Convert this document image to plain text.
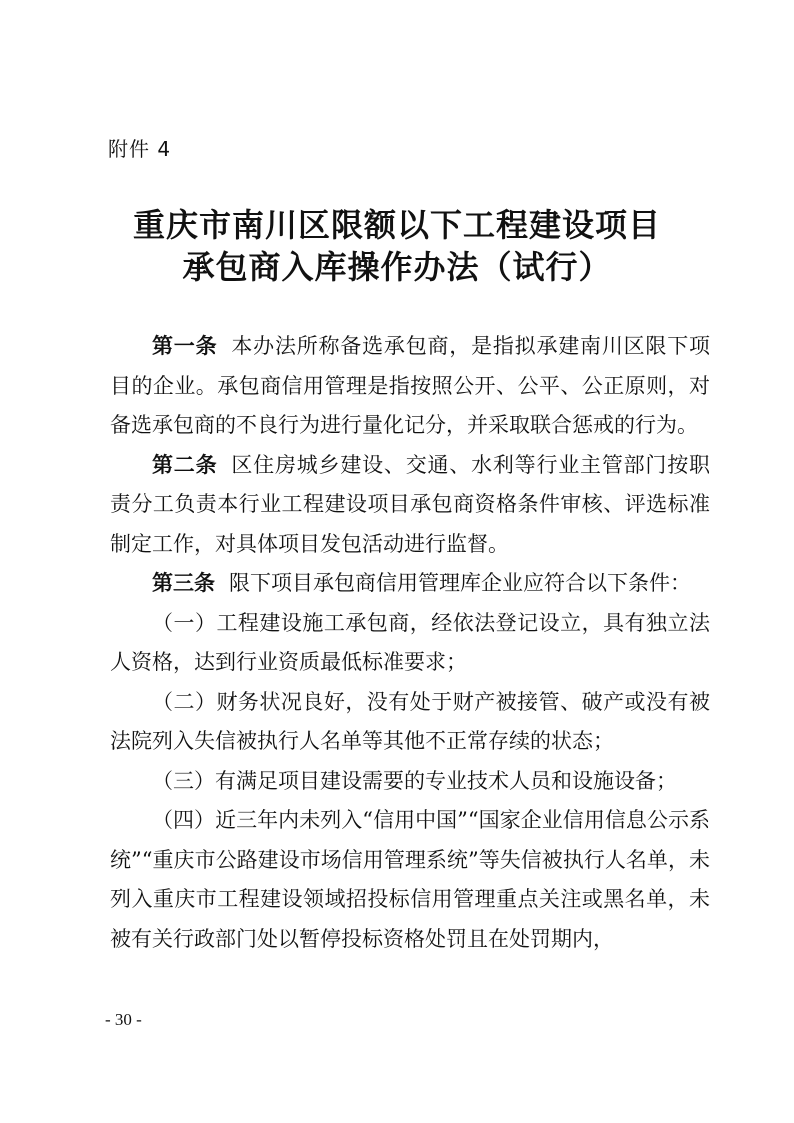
附件 4
重庆市南川区限额以下工程建设项目
承包商入库操作办法（试行）

第一条 本办法所称备选承包商，是指拟承建南川区限下项目的企业。承包商信用管理是指按照公开、公平、公正原则，对备选承包商的不良行为进行量化记分，并采取联合惩戒的行为。

第二条 区住房城乡建设、交通、水利等行业主管部门按职责分工负责本行业工程建设项目承包商资格条件审核、评选标准制定工作，对具体项目发包活动进行监督。

第三条 限下项目承包商信用管理库企业应符合以下条件：

（一）工程建设施工承包商，经依法登记设立，具有独立法人资格，达到行业资质最低标准要求；

（二）财务状况良好，没有处于财产被接管、破产或没有被法院列入失信被执行人名单等其他不正常存续的状态；

（三）有满足项目建设需要的专业技术人员和设施设备；

（四）近三年内未列入“信用中国”“国家企业信用信息公示系统”“重庆市公路建设市场信用管理系统”等失信被执行人名单，未列入重庆市工程建设领域招投标信用管理重点关注或黑名单，未被有关行政部门处以暂停投标资格处罚且在处罚期内，

- 30 -
